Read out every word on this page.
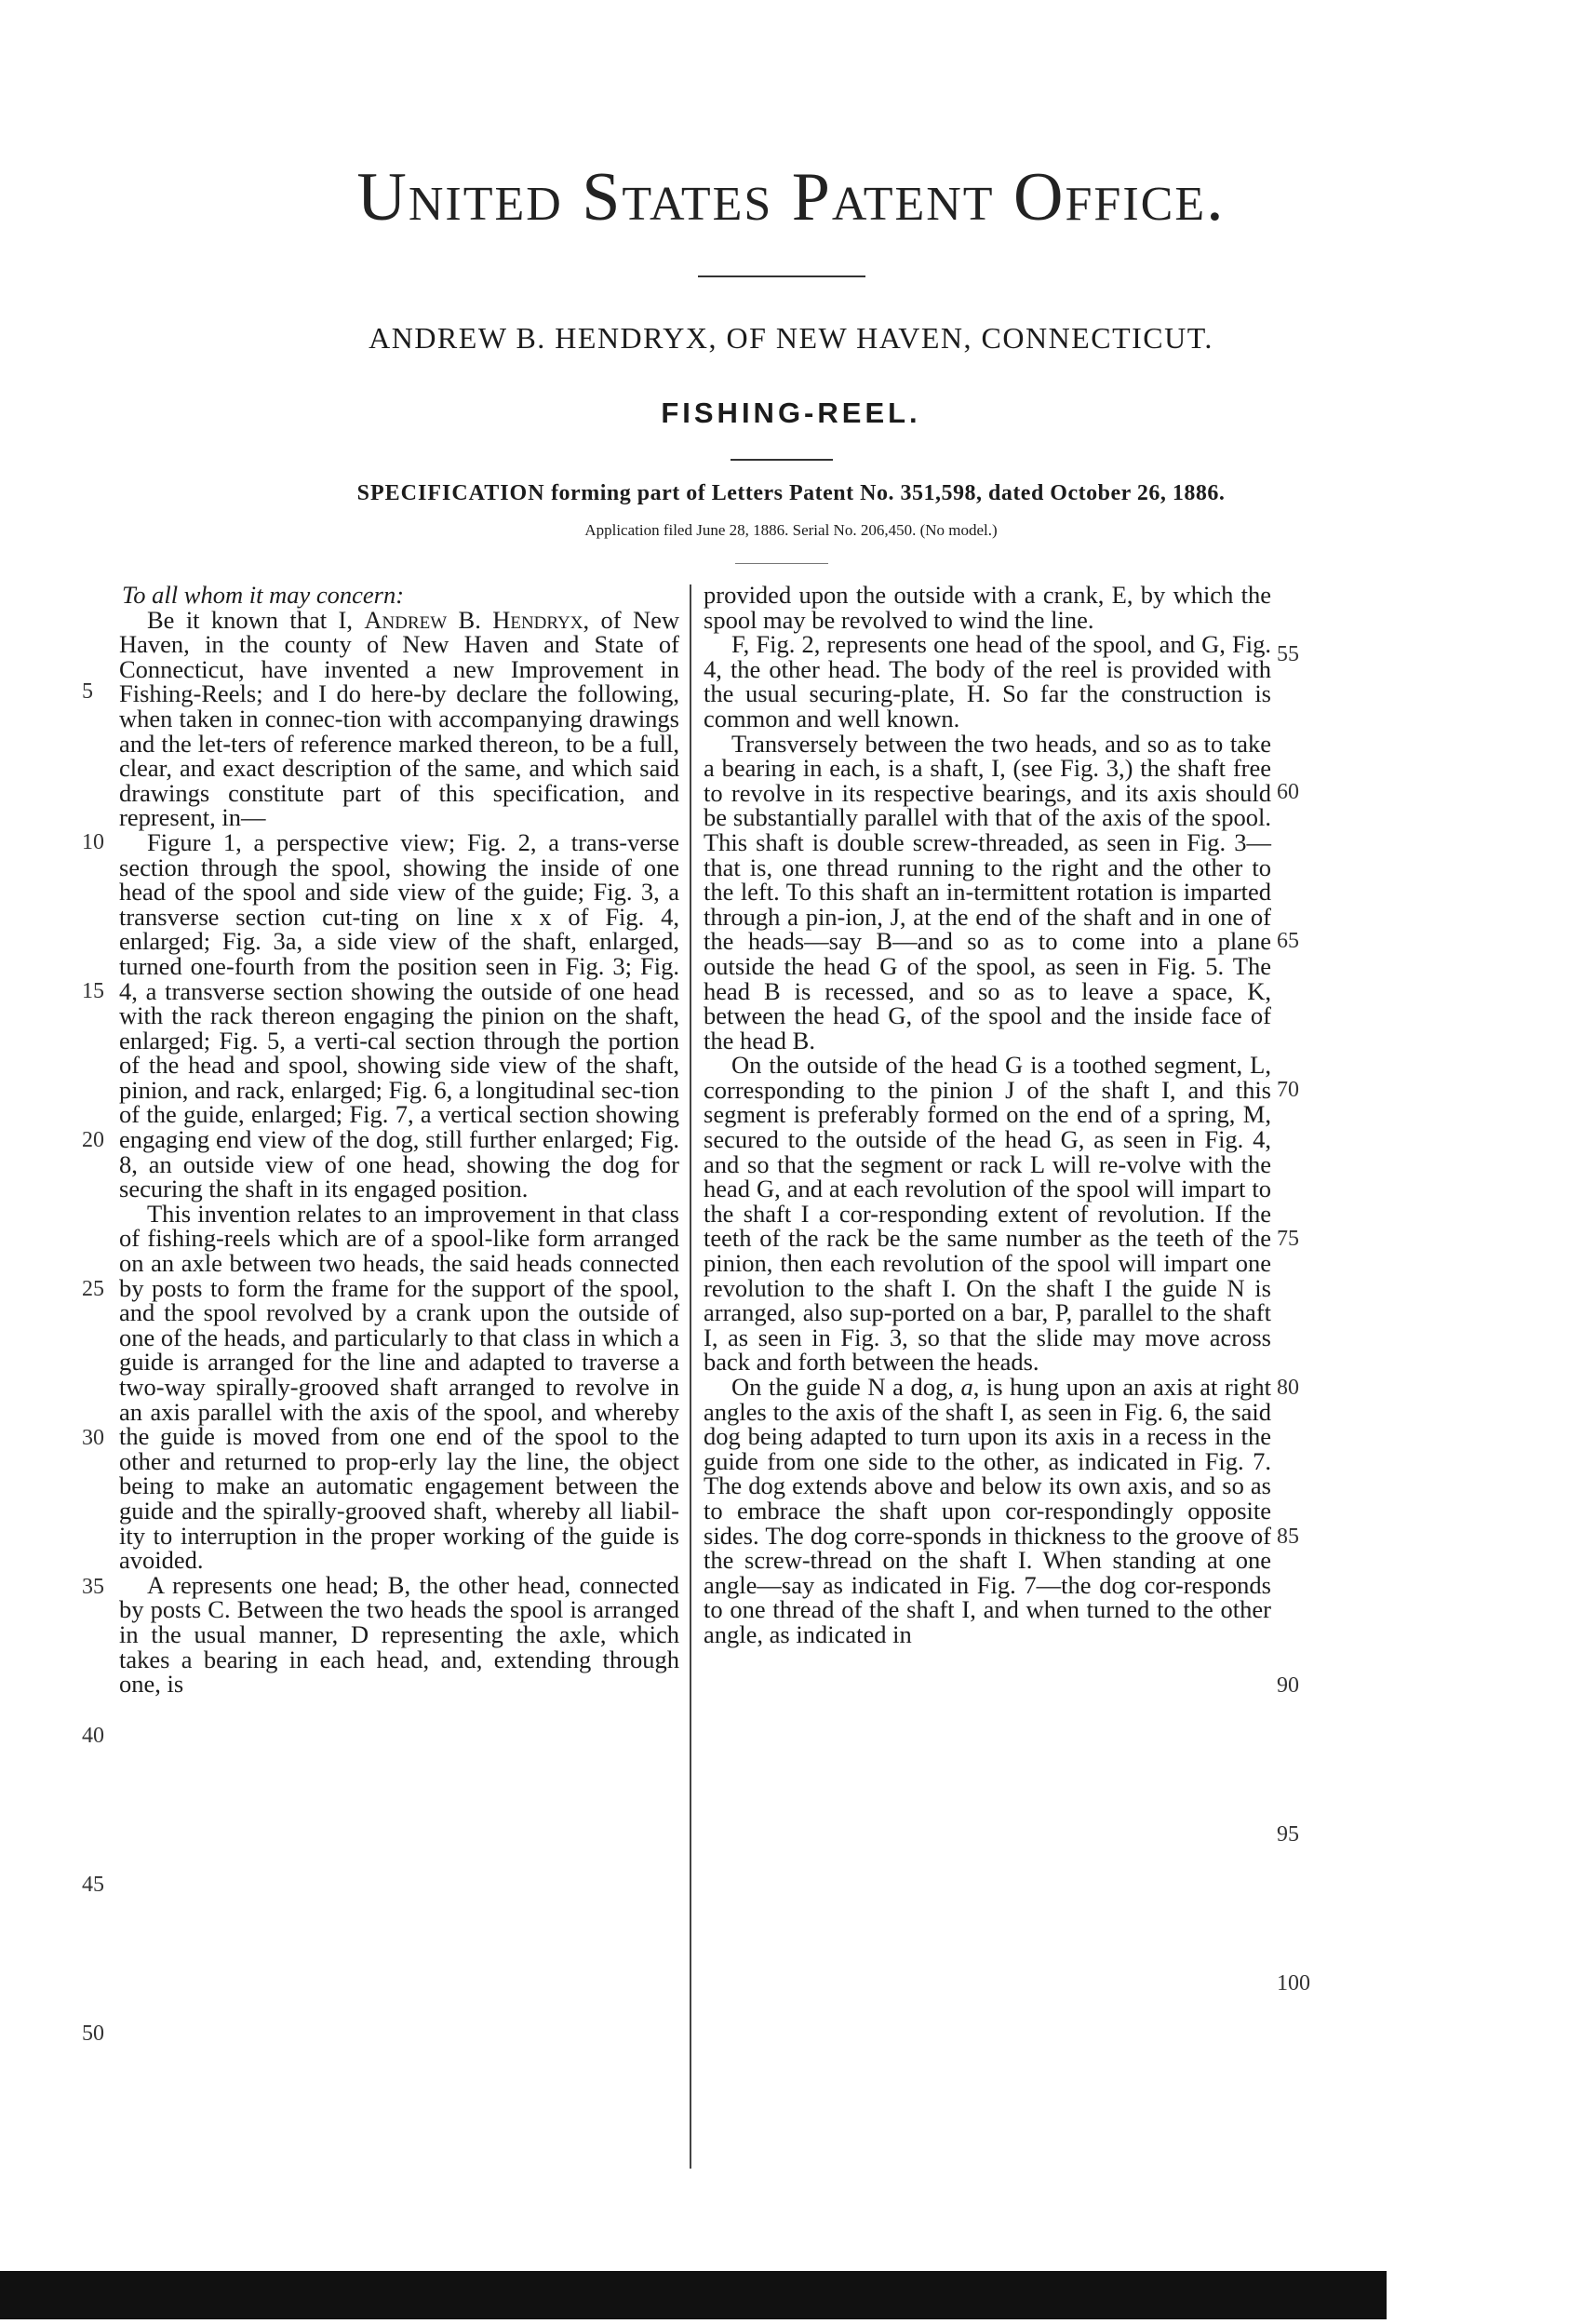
United States Patent Office.
ANDREW B. HENDRYX, OF NEW HAVEN, CONNECTICUT.
FISHING-REEL.
SPECIFICATION forming part of Letters Patent No. 351,598, dated October 26, 1886.
Application filed June 28, 1886. Serial No. 206,450. (No model.)

To all whom it may concern:

Be it known that I, Andrew B. Hendryx, of New Haven, in the county of New Haven and State of Connecticut, have invented a new Improvement in Fishing-Reels; and I do here-by declare the following, when taken in connec-tion with accompanying drawings and the let-ters of reference marked thereon, to be a full, clear, and exact description of the same, and which said drawings constitute part of this specification, and represent, in—

Figure 1, a perspective view; Fig. 2, a trans-verse section through the spool, showing the inside of one head of the spool and side view of the guide; Fig. 3, a transverse section cut-ting on line x x of Fig. 4, enlarged; Fig. 3a, a side view of the shaft, enlarged, turned one-fourth from the position seen in Fig. 3; Fig. 4, a transverse section showing the outside of one head with the rack thereon engaging the pinion on the shaft, enlarged; Fig. 5, a verti-cal section through the portion of the head and spool, showing side view of the shaft, pinion, and rack, enlarged; Fig. 6, a longitudinal sec-tion of the guide, enlarged; Fig. 7, a vertical section showing engaging end view of the dog, still further enlarged; Fig. 8, an outside view of one head, showing the dog for securing the shaft in its engaged position.

This invention relates to an improvement in that class of fishing-reels which are of a spool-like form arranged on an axle between two heads, the said heads connected by posts to form the frame for the support of the spool, and the spool revolved by a crank upon the outside of one of the heads, and particularly to that class in which a guide is arranged for the line and adapted to traverse a two-way spirally-grooved shaft arranged to revolve in an axis parallel with the axis of the spool, and whereby the guide is moved from one end of the spool to the other and returned to prop-erly lay the line, the object being to make an automatic engagement between the guide and the spirally-grooved shaft, whereby all liabil-ity to interruption in the proper working of the guide is avoided.

A represents one head; B, the other head, connected by posts C. Between the two heads the spool is arranged in the usual manner, D representing the axle, which takes a bearing in each head, and, extending through one, is

provided upon the outside with a crank, E, by which the spool may be revolved to wind the line.

F, Fig. 2, represents one head of the spool, and G, Fig. 4, the other head. The body of the reel is provided with the usual securing-plate, H. So far the construction is common and well known.

Transversely between the two heads, and so as to take a bearing in each, is a shaft, I, (see Fig. 3,) the shaft free to revolve in its respective bearings, and its axis should be substantially parallel with that of the axis of the spool. This shaft is double screw-threaded, as seen in Fig. 3—that is, one thread running to the right and the other to the left. To this shaft an in-termittent rotation is imparted through a pin-ion, J, at the end of the shaft and in one of the heads—say B—and so as to come into a plane outside the head G of the spool, as seen in Fig. 5. The head B is recessed, and so as to leave a space, K, between the head G, of the spool and the inside face of the head B.

On the outside of the head G is a toothed segment, L, corresponding to the pinion J of the shaft I, and this segment is preferably formed on the end of a spring, M, secured to the outside of the head G, as seen in Fig. 4, and so that the segment or rack L will re-volve with the head G, and at each revolution of the spool will impart to the shaft I a cor-responding extent of revolution. If the teeth of the rack be the same number as the teeth of the pinion, then each revolution of the spool will impart one revolution to the shaft I. On the shaft I the guide N is arranged, also sup-ported on a bar, P, parallel to the shaft I, as seen in Fig. 3, so that the slide may move across back and forth between the heads.

On the guide N a dog, a, is hung upon an axis at right angles to the axis of the shaft I, as seen in Fig. 6, the said dog being adapted to turn upon its axis in a recess in the guide from one side to the other, as indicated in Fig. 7. The dog extends above and below its own axis, and so as to embrace the shaft upon cor-respondingly opposite sides. The dog corre-sponds in thickness to the groove of the screw-thread on the shaft I. When standing at one angle—say as indicated in Fig. 7—the dog cor-responds to one thread of the shaft I, and when turned to the other angle, as indicated in

5
10
15
20
25
30
35
40
45
50
55
60
65
70
75
80
85
90
95
100
